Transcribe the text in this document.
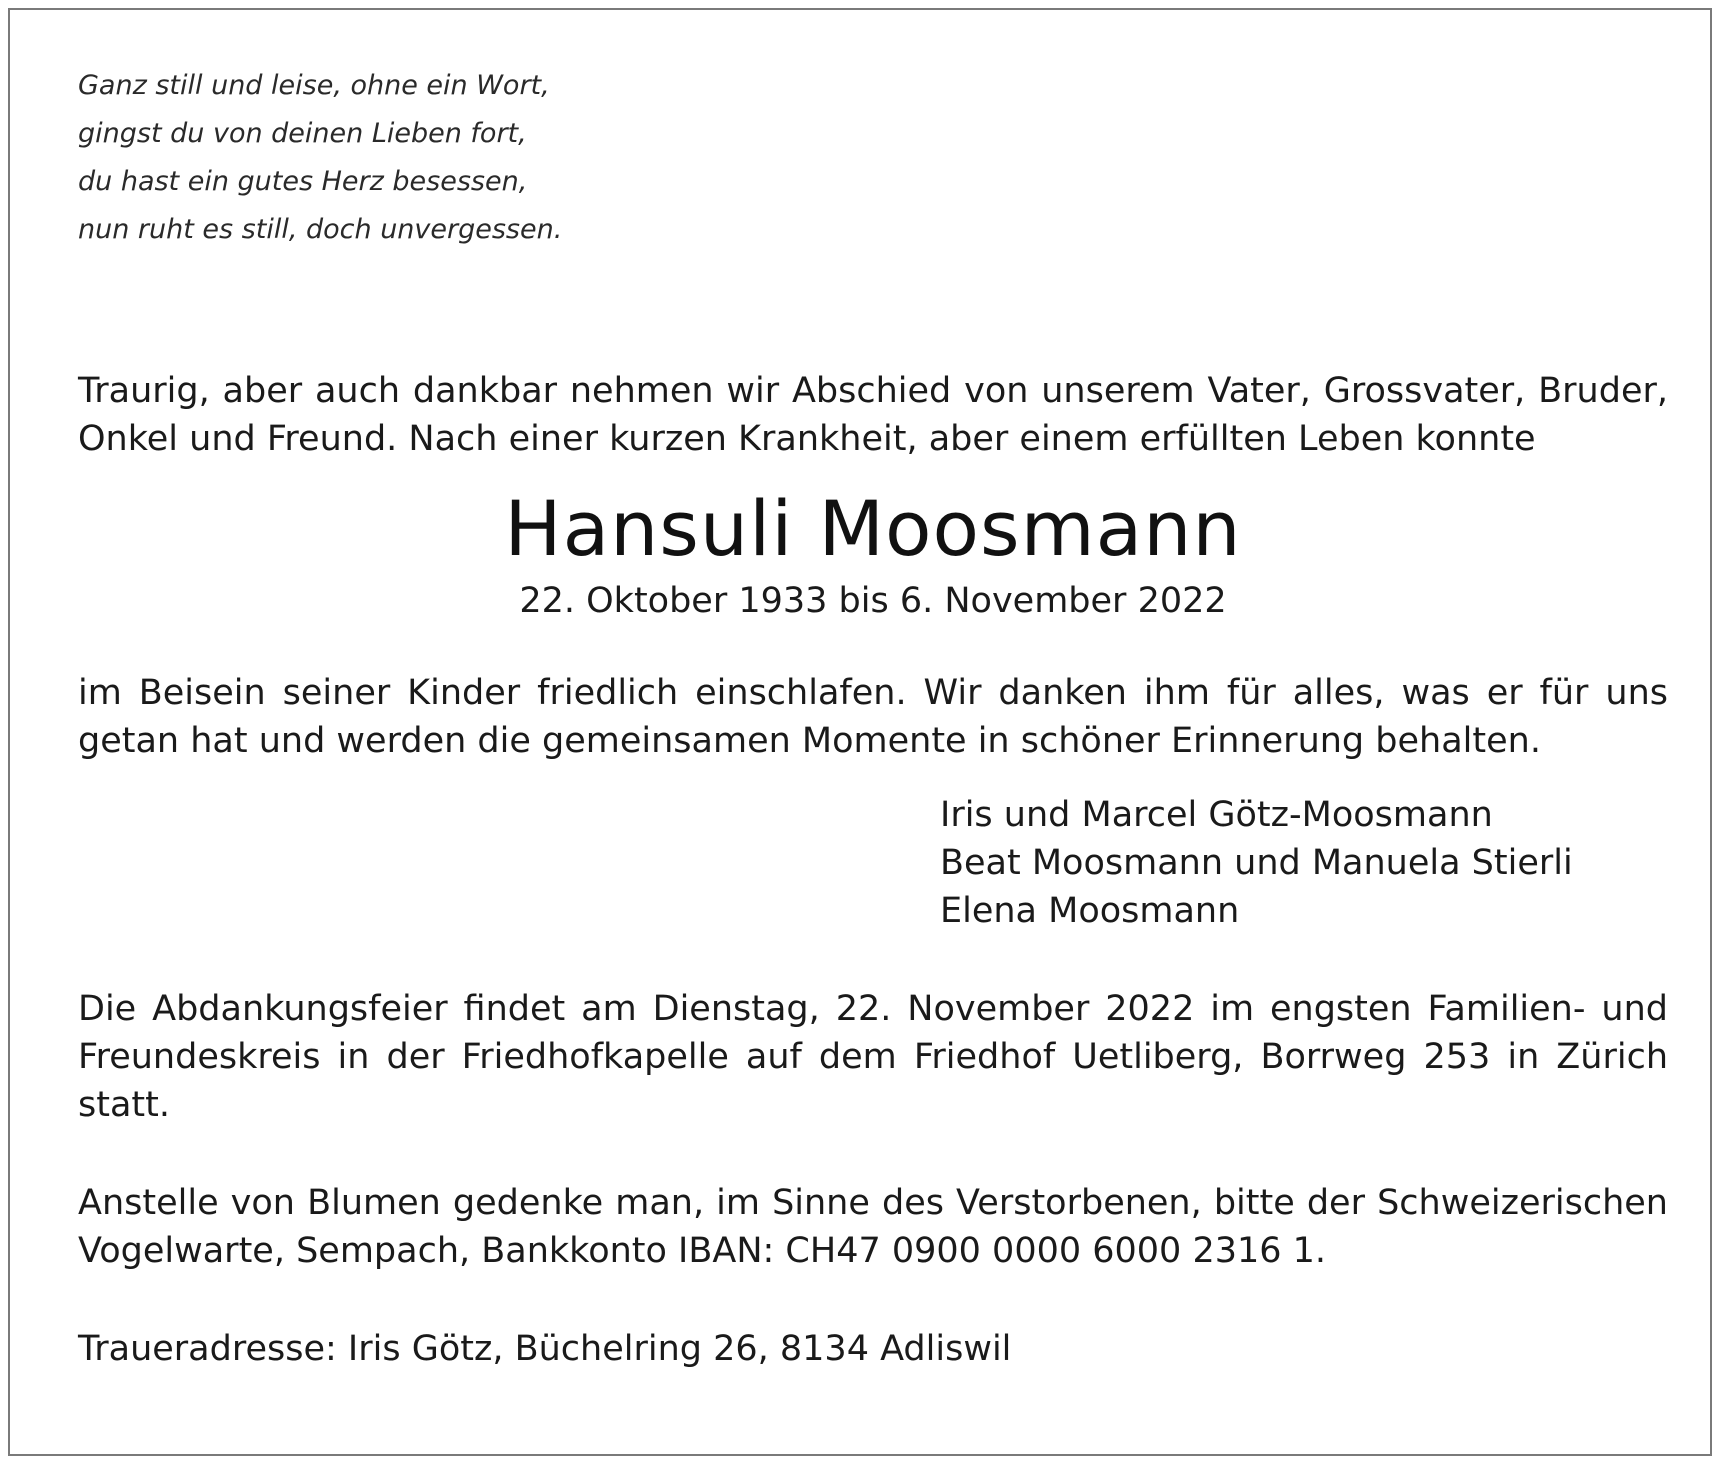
Ganz still und leise, ohne ein Wort,
gingst du von deinen Lieben fort,
du hast ein gutes Herz besessen,
nun ruht es still, doch unvergessen.
Traurig, aber auch dankbar nehmen wir Abschied von unserem Vater, Grossvater, Bruder,
Onkel und Freund. Nach einer kurzen Krankheit, aber einem erfüllten Leben konnte
Hansuli Moosmann
22. Oktober 1933 bis 6. November 2022
im Beisein seiner Kinder friedlich einschlafen. Wir danken ihm für alles, was er für uns
getan hat und werden die gemeinsamen Momente in schöner Erinnerung behalten.
Iris und Marcel Götz-Moosmann
Beat Moosmann und Manuela Stierli
Elena Moosmann
Die Abdankungsfeier findet am Dienstag, 22. November 2022 im engsten Familien- und
Freundeskreis in der Friedhofkapelle auf dem Friedhof Uetliberg, Borrweg 253 in Zürich
statt.
Anstelle von Blumen gedenke man, im Sinne des Verstorbenen, bitte der Schweizerischen
Vogelwarte, Sempach, Bankkonto IBAN: CH47 0900 0000 6000 2316 1.
Traueradresse: Iris Götz, Büchelring 26, 8134 Adliswil
